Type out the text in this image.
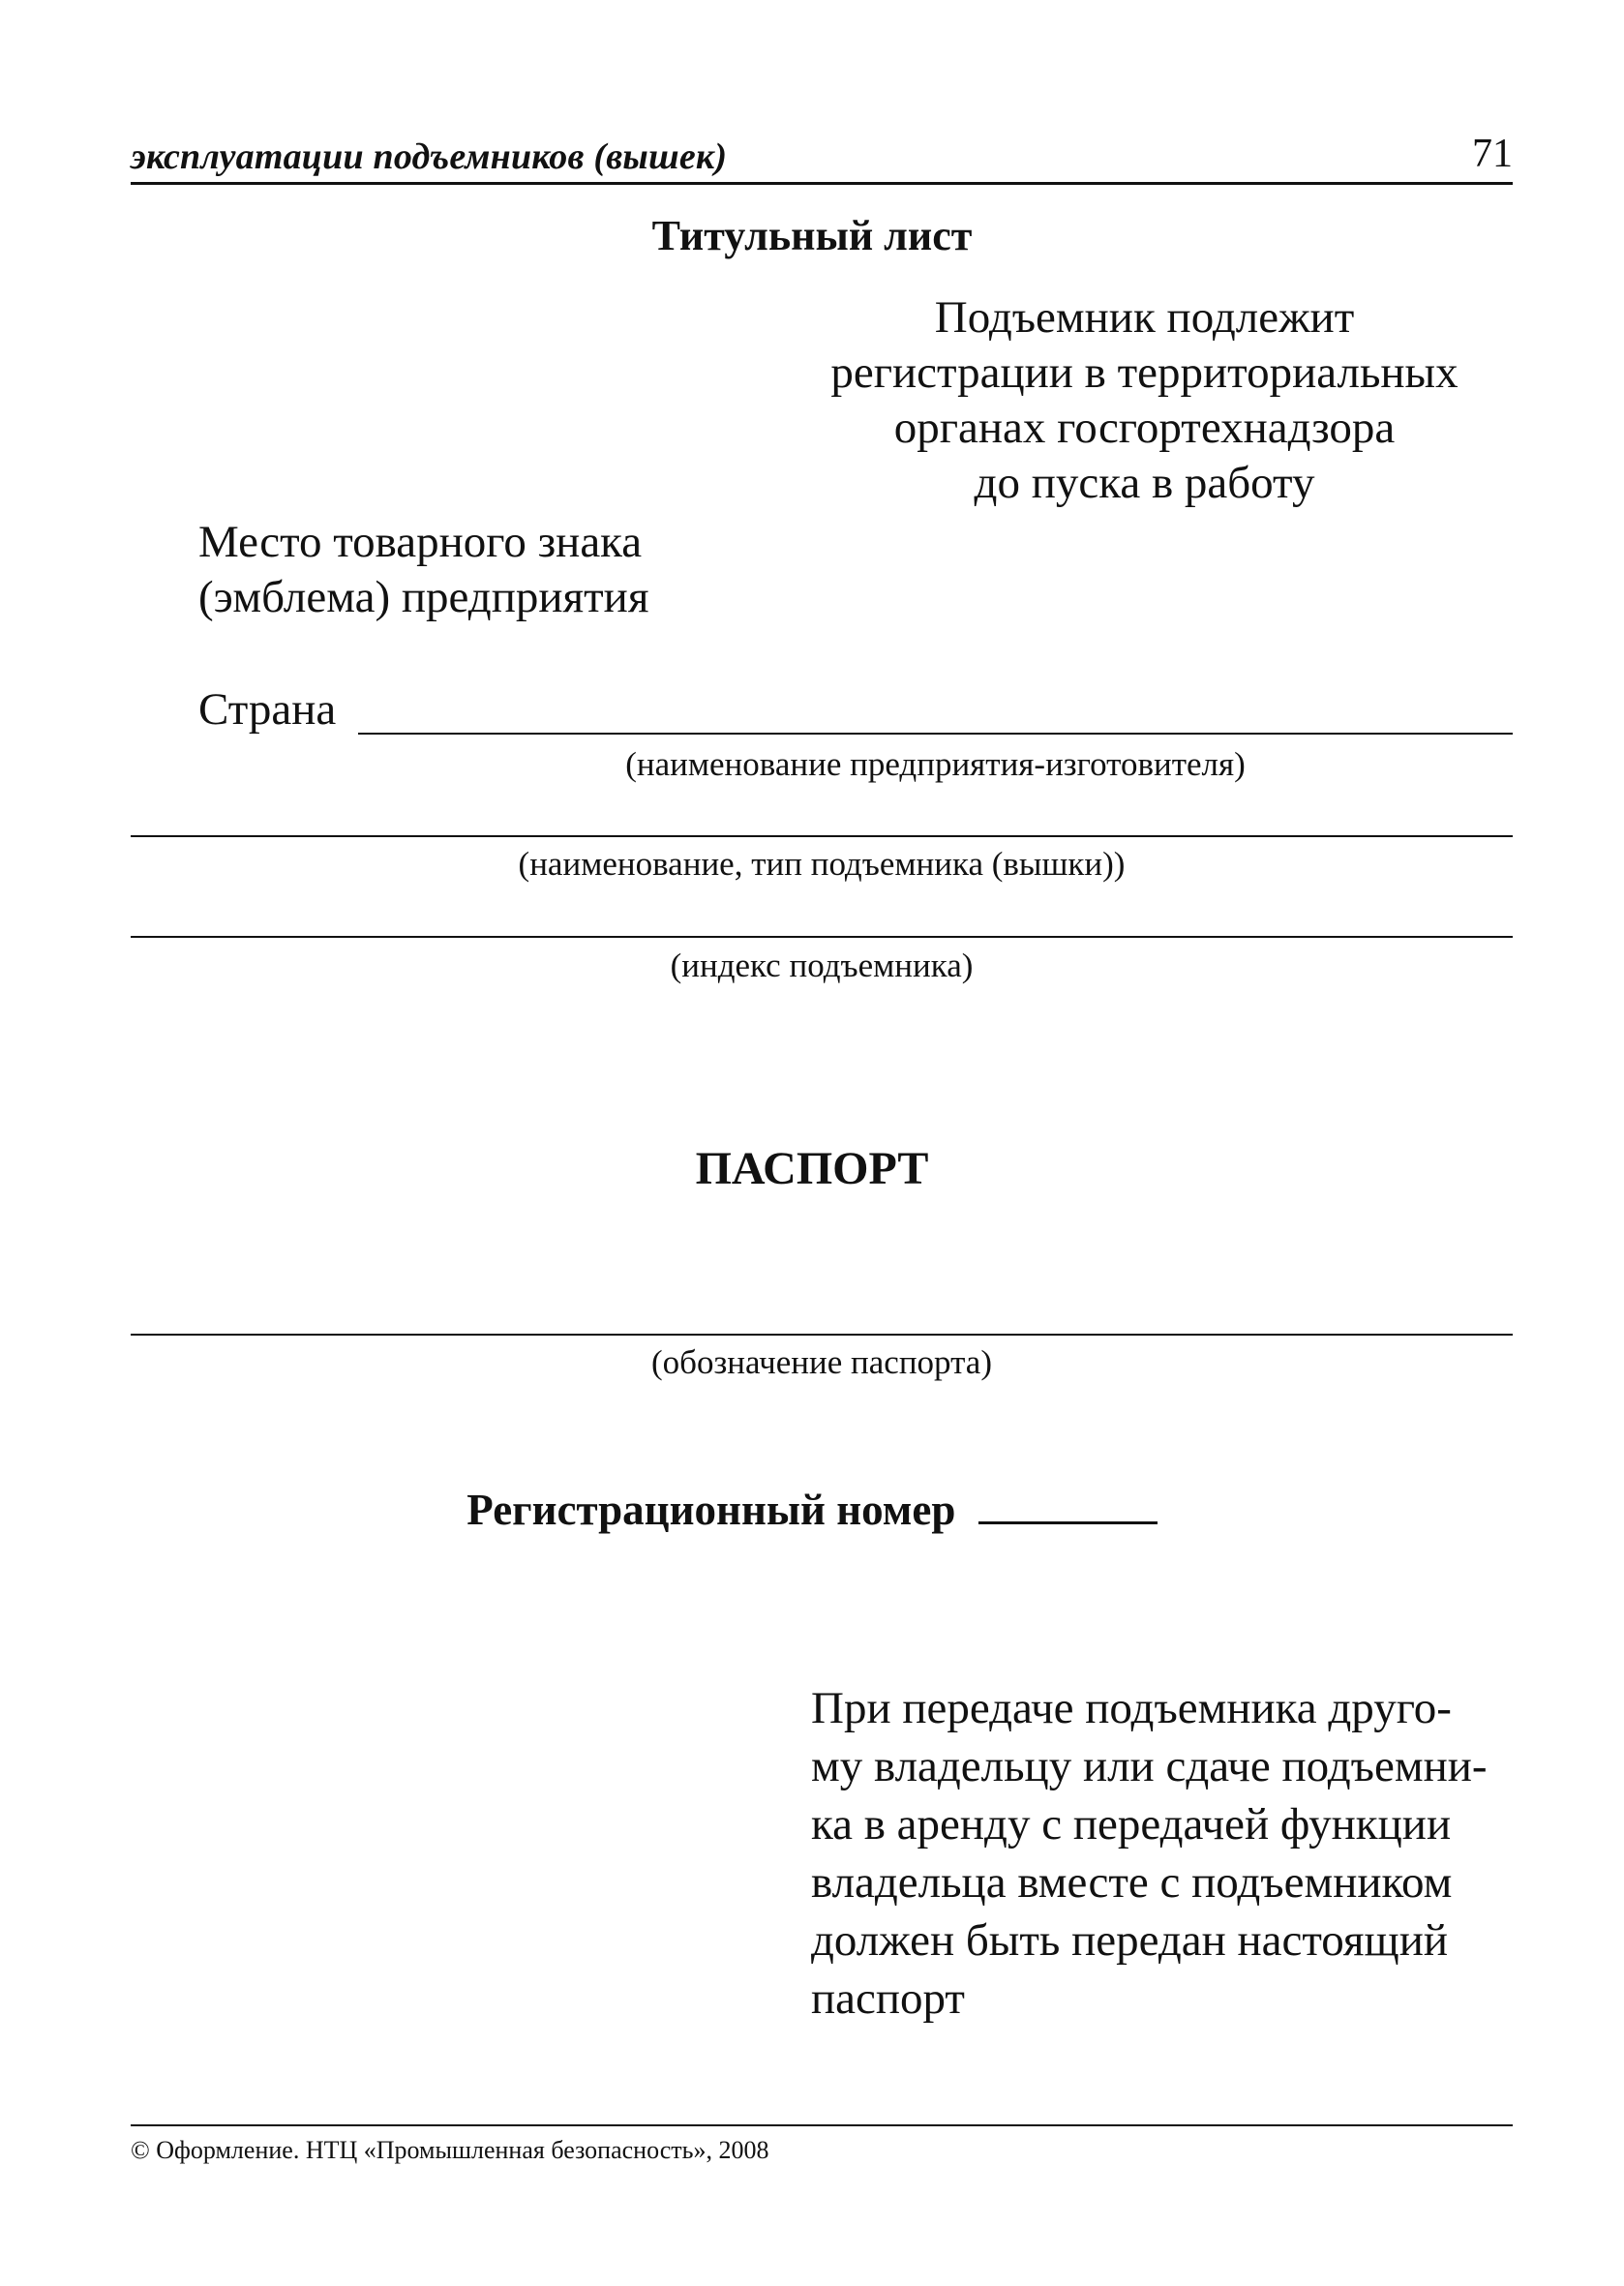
эксплуатации подъемников (вышек)	71
Титульный лист
Подъемник подлежит
регистрации в территориальных
органах госгортехнадзора
до пуска в работу
Место товарного знака
(эмблема) предприятия
Страна
(наименование предприятия-изготовителя)
(наименование, тип подъемника (вышки))
(индекс подъемника)
ПАСПОРТ
(обозначение паспорта)
Регистрационный номер
При передаче подъемника друго-
му владельцу или сдаче подъемни-
ка в аренду с передачей функции
владельца вместе с подъемником
должен быть передан настоящий
паспорт
© Оформление. НТЦ «Промышленная безопасность», 2008
